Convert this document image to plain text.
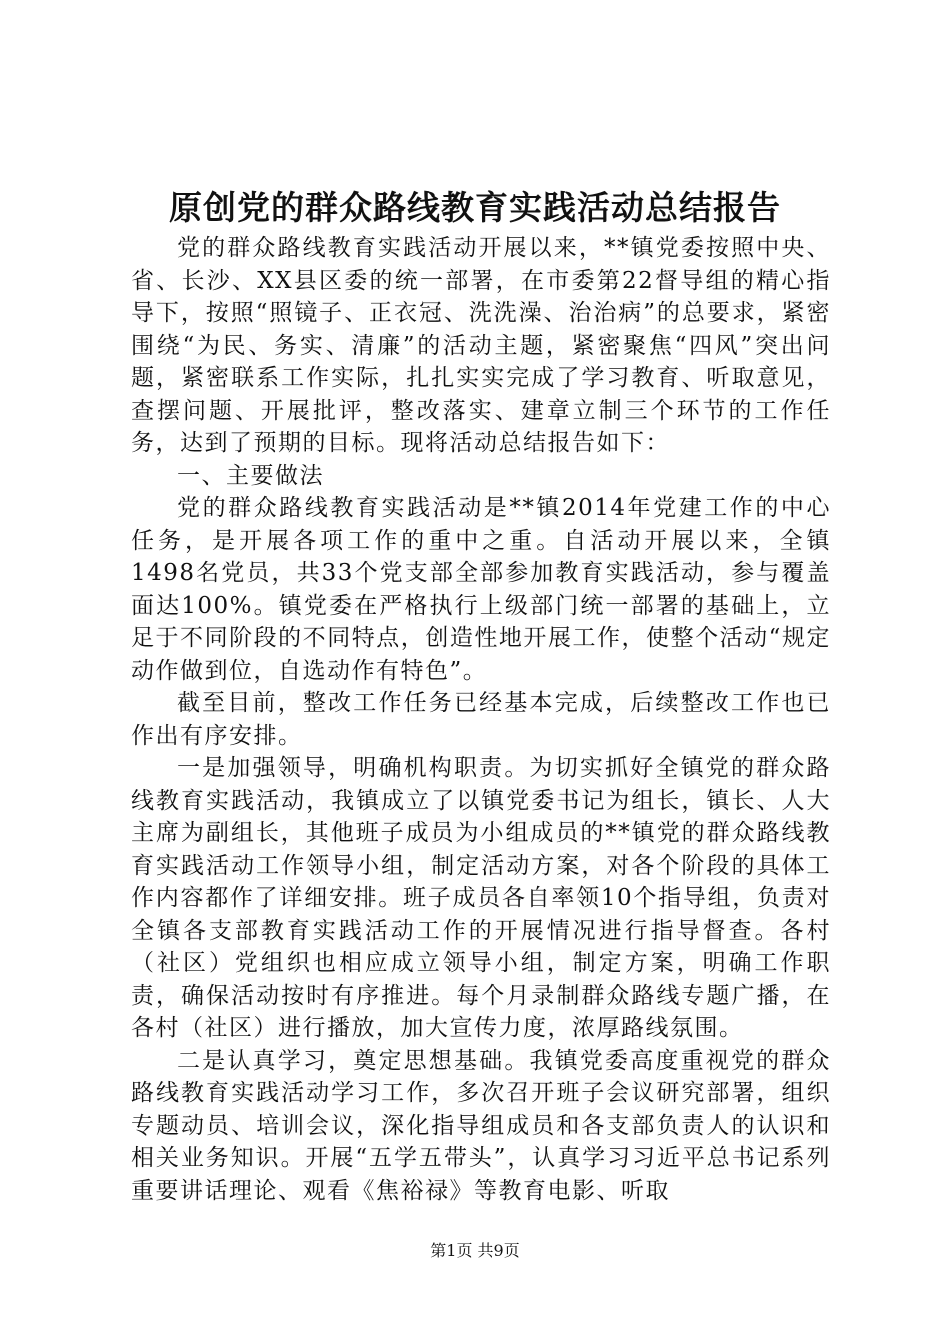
原创党的群众路线教育实践活动总结报告

党的群众路线教育实践活动开展以来，**镇党委按照中央、省、长沙、XX县区委的统一部署，在市委第22督导组的精心指导下，按照“照镜子、正衣冠、洗洗澡、治治病”的总要求，紧密围绕“为民、务实、清廉”的活动主题，紧密聚焦“四风”突出问题，紧密联系工作实际，扎扎实实完成了学习教育、听取意见，查摆问题、开展批评，整改落实、建章立制三个环节的工作任务，达到了预期的目标。现将活动总结报告如下：

一、主要做法

党的群众路线教育实践活动是**镇2014年党建工作的中心任务，是开展各项工作的重中之重。自活动开展以来，全镇1498名党员，共33个党支部全部参加教育实践活动，参与覆盖面达100%。镇党委在严格执行上级部门统一部署的基础上，立足于不同阶段的不同特点，创造性地开展工作，使整个活动“规定动作做到位，自选动作有特色”。

截至目前，整改工作任务已经基本完成，后续整改工作也已作出有序安排。

一是加强领导，明确机构职责。为切实抓好全镇党的群众路线教育实践活动，我镇成立了以镇党委书记为组长，镇长、人大主席为副组长，其他班子成员为小组成员的**镇党的群众路线教育实践活动工作领导小组，制定活动方案，对各个阶段的具体工作内容都作了详细安排。班子成员各自率领10个指导组，负责对全镇各支部教育实践活动工作的开展情况进行指导督查。各村（社区）党组织也相应成立领导小组，制定方案，明确工作职责，确保活动按时有序推进。每个月录制群众路线专题广播，在各村（社区）进行播放，加大宣传力度，浓厚路线氛围。

二是认真学习，奠定思想基础。我镇党委高度重视党的群众路线教育实践活动学习工作，多次召开班子会议研究部署，组织专题动员、培训会议，深化指导组成员和各支部负责人的认识和相关业务知识。开展“五学五带头”，认真学习习近平总书记系列重要讲话理论、观看《焦裕禄》等教育电影、听取

第1页 共9页
